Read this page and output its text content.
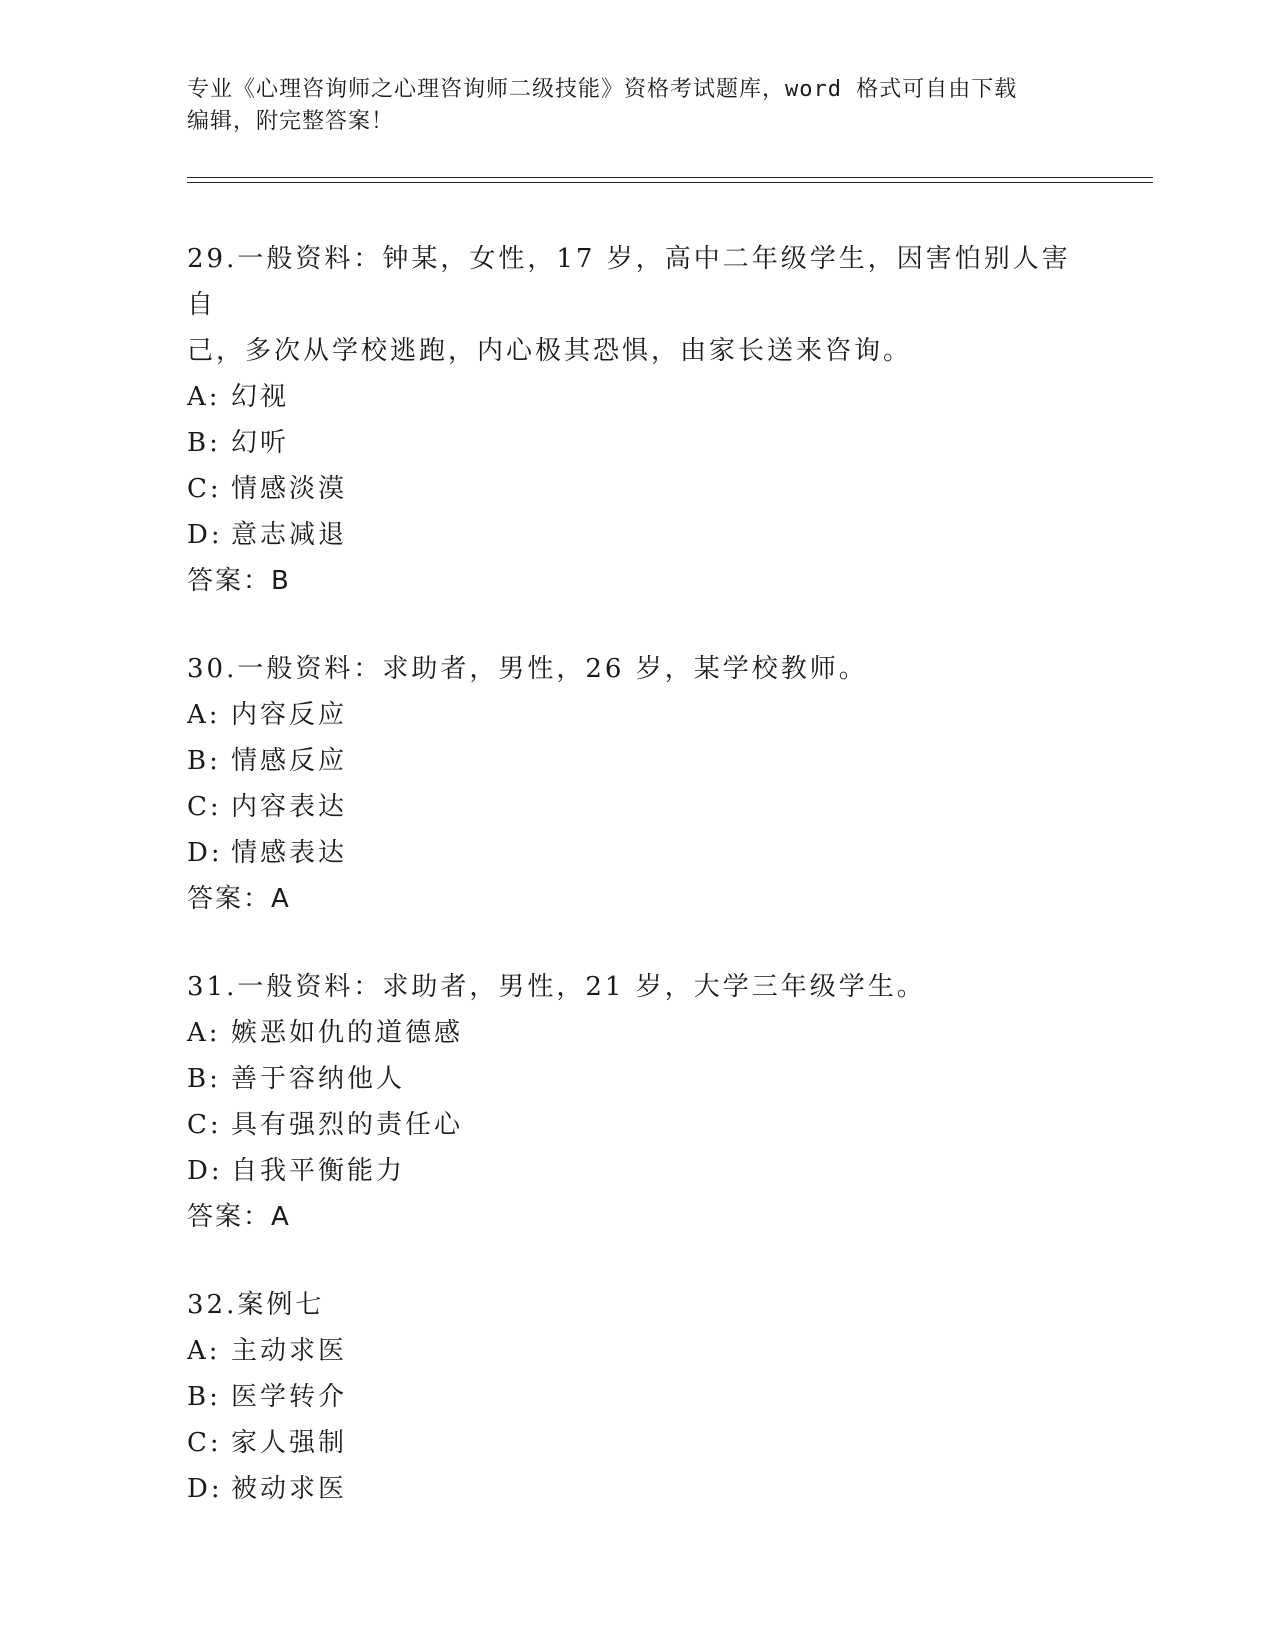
专业《心理咨询师之心理咨询师二级技能》资格考试题库，word 格式可自由下载
编辑，附完整答案！
29.一般资料：钟某，女性，17 岁，高中二年级学生，因害怕别人害自
己，多次从学校逃跑，内心极其恐惧，由家长送来咨询。
A: 幻视
B: 幻听
C: 情感淡漠
D: 意志减退
答案：B
30.一般资料：求助者，男性，26 岁，某学校教师。
A: 内容反应
B: 情感反应
C: 内容表达
D: 情感表达
答案：A
31.一般资料：求助者，男性，21 岁，大学三年级学生。
A: 嫉恶如仇的道德感
B: 善于容纳他人
C: 具有强烈的责任心
D: 自我平衡能力
答案：A
32.案例七
A: 主动求医
B: 医学转介
C: 家人强制
D: 被动求医
